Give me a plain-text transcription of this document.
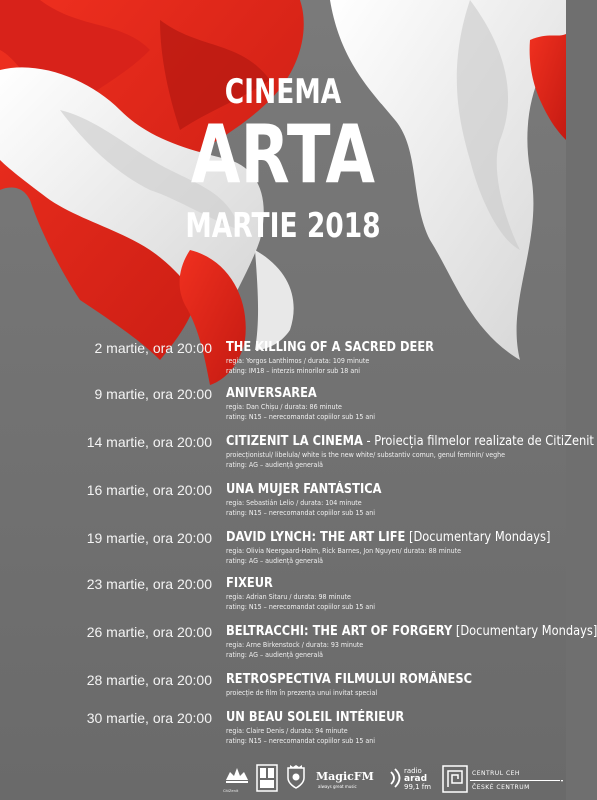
CINEMA
ARTA
MARTIE 2018
2 martie, ora 20:00 THE KILLING OF A SACRED DEER
regia: Yorgos Lanthimos / durata: 109 minute
rating: IM18 – interzis minorilor sub 18 ani
9 martie, ora 20:00 ANIVERSAREA
regia: Dan Chișu / durata: 86 minute
rating: N15 – nerecomandat copiilor sub 15 ani
14 martie, ora 20:00 CITIZENIT LA CINEMA - Proiecția filmelor realizate de CitiZenit
proiecționistul/ libelula/ white is the new white/ substantiv comun, genul feminin/ veghe
rating: AG – audiență generală
16 martie, ora 20:00 UNA MUJER FANTÁSTICA
regia: Sebastián Lelio / durata: 104 minute
rating: N15 – nerecomandat copiilor sub 15 ani
19 martie, ora 20:00 DAVID LYNCH: THE ART LIFE [Documentary Mondays]
regia: Olivia Neergaard-Holm, Rick Barnes, Jon Nguyen/ durata: 88 minute
rating: AG – audiență generală
23 martie, ora 20:00 FIXEUR
regia: Adrian Sitaru / durata: 98 minute
rating: N15 – nerecomandat copiilor sub 15 ani
26 martie, ora 20:00 BELTRACCHI: THE ART OF FORGERY [Documentary Mondays]
regia: Arne Birkenstock / durata: 93 minute
rating: AG – audiență generală
28 martie, ora 20:00 RETROSPECTIVA FILMULUI ROMÂNESC
proiecție de film în prezența unui invitat special
30 martie, ora 20:00 UN BEAU SOLEIL INTÉRIEUR
regia: Claire Denis / durata: 94 minute
rating: N15 – nerecomandat copiilor sub 15 ani
CitiZenit
MagicFM
always great music
radio
arad
99,1 fm
CENTRUL CEH
ČESKÉ CENTRUM
